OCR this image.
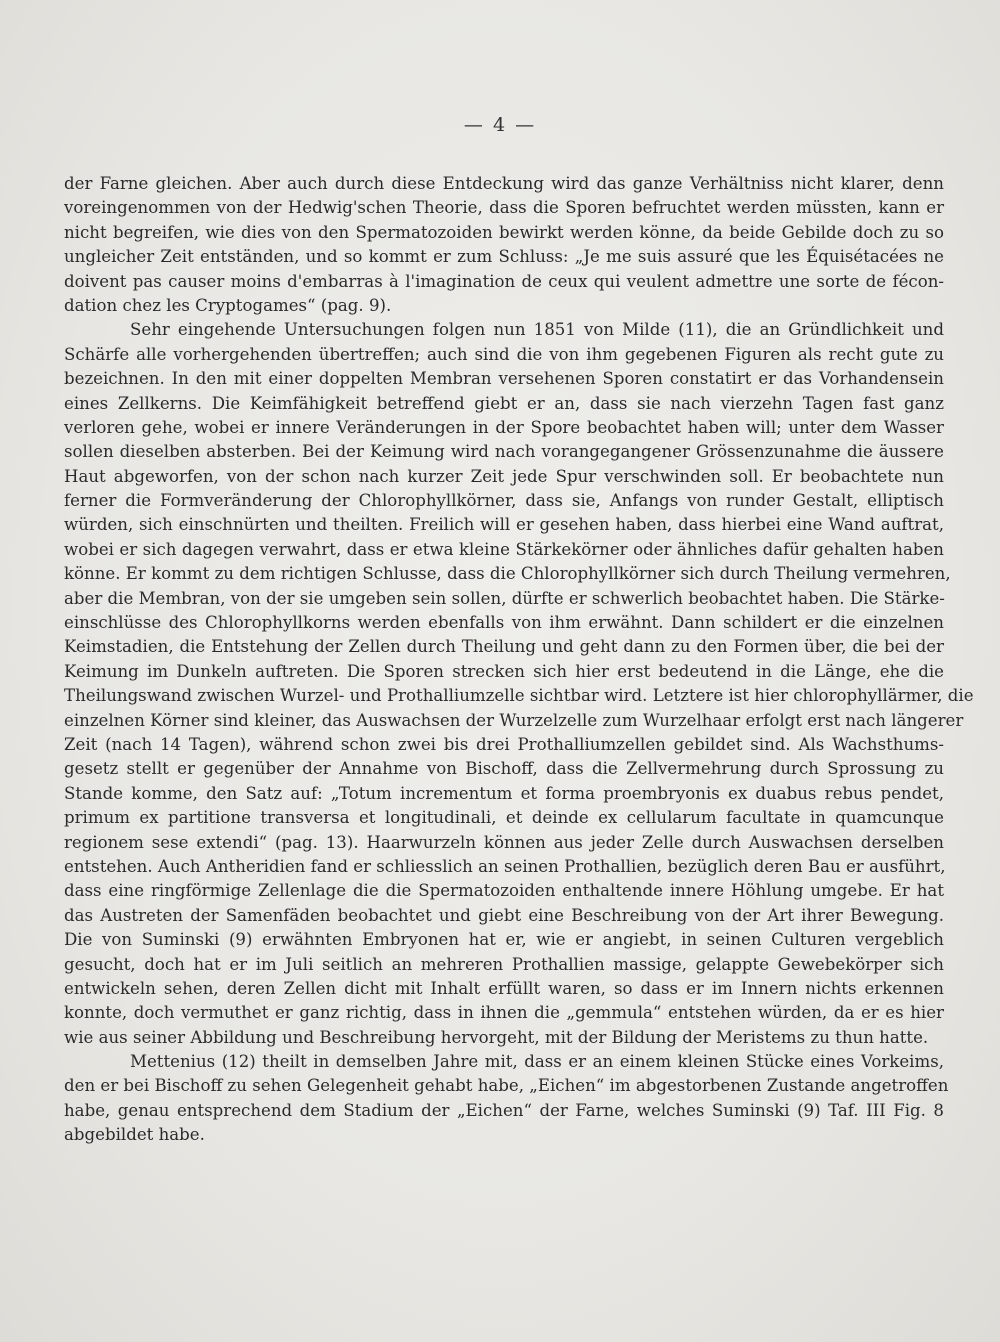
— 4 —
der Farne gleichen. Aber auch durch diese Entdeckung wird das ganze Verhältniss nicht klarer, denn
voreingenommen von der Hedwig'schen Theorie, dass die Sporen befruchtet werden müssten, kann er
nicht begreifen, wie dies von den Spermatozoiden bewirkt werden könne, da beide Gebilde doch zu so
ungleicher Zeit entständen, und so kommt er zum Schluss: „Je me suis assuré que les Équisétacées ne
doivent pas causer moins d'embarras à l'imagination de ceux qui veulent admettre une sorte de fécon-
dation chez les Cryptogames“ (pag. 9).
Sehr eingehende Untersuchungen folgen nun 1851 von Milde (11), die an Gründlichkeit und
Schärfe alle vorhergehenden übertreffen; auch sind die von ihm gegebenen Figuren als recht gute zu
bezeichnen. In den mit einer doppelten Membran versehenen Sporen constatirt er das Vorhandensein
eines Zellkerns. Die Keimfähigkeit betreffend giebt er an, dass sie nach vierzehn Tagen fast ganz
verloren gehe, wobei er innere Veränderungen in der Spore beobachtet haben will; unter dem Wasser
sollen dieselben absterben. Bei der Keimung wird nach vorangegangener Grössenzunahme die äussere
Haut abgeworfen, von der schon nach kurzer Zeit jede Spur verschwinden soll. Er beobachtete nun
ferner die Formveränderung der Chlorophyllkörner, dass sie, Anfangs von runder Gestalt, elliptisch
würden, sich einschnürten und theilten. Freilich will er gesehen haben, dass hierbei eine Wand auftrat,
wobei er sich dagegen verwahrt, dass er etwa kleine Stärkekörner oder ähnliches dafür gehalten haben
könne. Er kommt zu dem richtigen Schlusse, dass die Chlorophyllkörner sich durch Theilung vermehren,
aber die Membran, von der sie umgeben sein sollen, dürfte er schwerlich beobachtet haben. Die Stärke-
einschlüsse des Chlorophyllkorns werden ebenfalls von ihm erwähnt. Dann schildert er die einzelnen
Keimstadien, die Entstehung der Zellen durch Theilung und geht dann zu den Formen über, die bei der
Keimung im Dunkeln auftreten. Die Sporen strecken sich hier erst bedeutend in die Länge, ehe die
Theilungswand zwischen Wurzel- und Prothalliumzelle sichtbar wird. Letztere ist hier chlorophyllärmer, die
einzelnen Körner sind kleiner, das Auswachsen der Wurzelzelle zum Wurzelhaar erfolgt erst nach längerer
Zeit (nach 14 Tagen), während schon zwei bis drei Prothalliumzellen gebildet sind. Als Wachsthums-
gesetz stellt er gegenüber der Annahme von Bischoff, dass die Zellvermehrung durch Sprossung zu
Stande komme, den Satz auf: „Totum incrementum et forma proembryonis ex duabus rebus pendet,
primum ex partitione transversa et longitudinali, et deinde ex cellularum facultate in quamcunque
regionem sese extendi“ (pag. 13). Haarwurzeln können aus jeder Zelle durch Auswachsen derselben
entstehen. Auch Antheridien fand er schliesslich an seinen Prothallien, bezüglich deren Bau er ausführt,
dass eine ringförmige Zellenlage die die Spermatozoiden enthaltende innere Höhlung umgebe. Er hat
das Austreten der Samenfäden beobachtet und giebt eine Beschreibung von der Art ihrer Bewegung.
Die von Suminski (9) erwähnten Embryonen hat er, wie er angiebt, in seinen Culturen vergeblich
gesucht, doch hat er im Juli seitlich an mehreren Prothallien massige, gelappte Gewebekörper sich
entwickeln sehen, deren Zellen dicht mit Inhalt erfüllt waren, so dass er im Innern nichts erkennen
konnte, doch vermuthet er ganz richtig, dass in ihnen die „gemmula“ entstehen würden, da er es hier
wie aus seiner Abbildung und Beschreibung hervorgeht, mit der Bildung der Meristems zu thun hatte.
Mettenius (12) theilt in demselben Jahre mit, dass er an einem kleinen Stücke eines Vorkeims,
den er bei Bischoff zu sehen Gelegenheit gehabt habe, „Eichen“ im abgestorbenen Zustande angetroffen
habe, genau entsprechend dem Stadium der „Eichen“ der Farne, welches Suminski (9) Taf. III Fig. 8
abgebildet habe.
